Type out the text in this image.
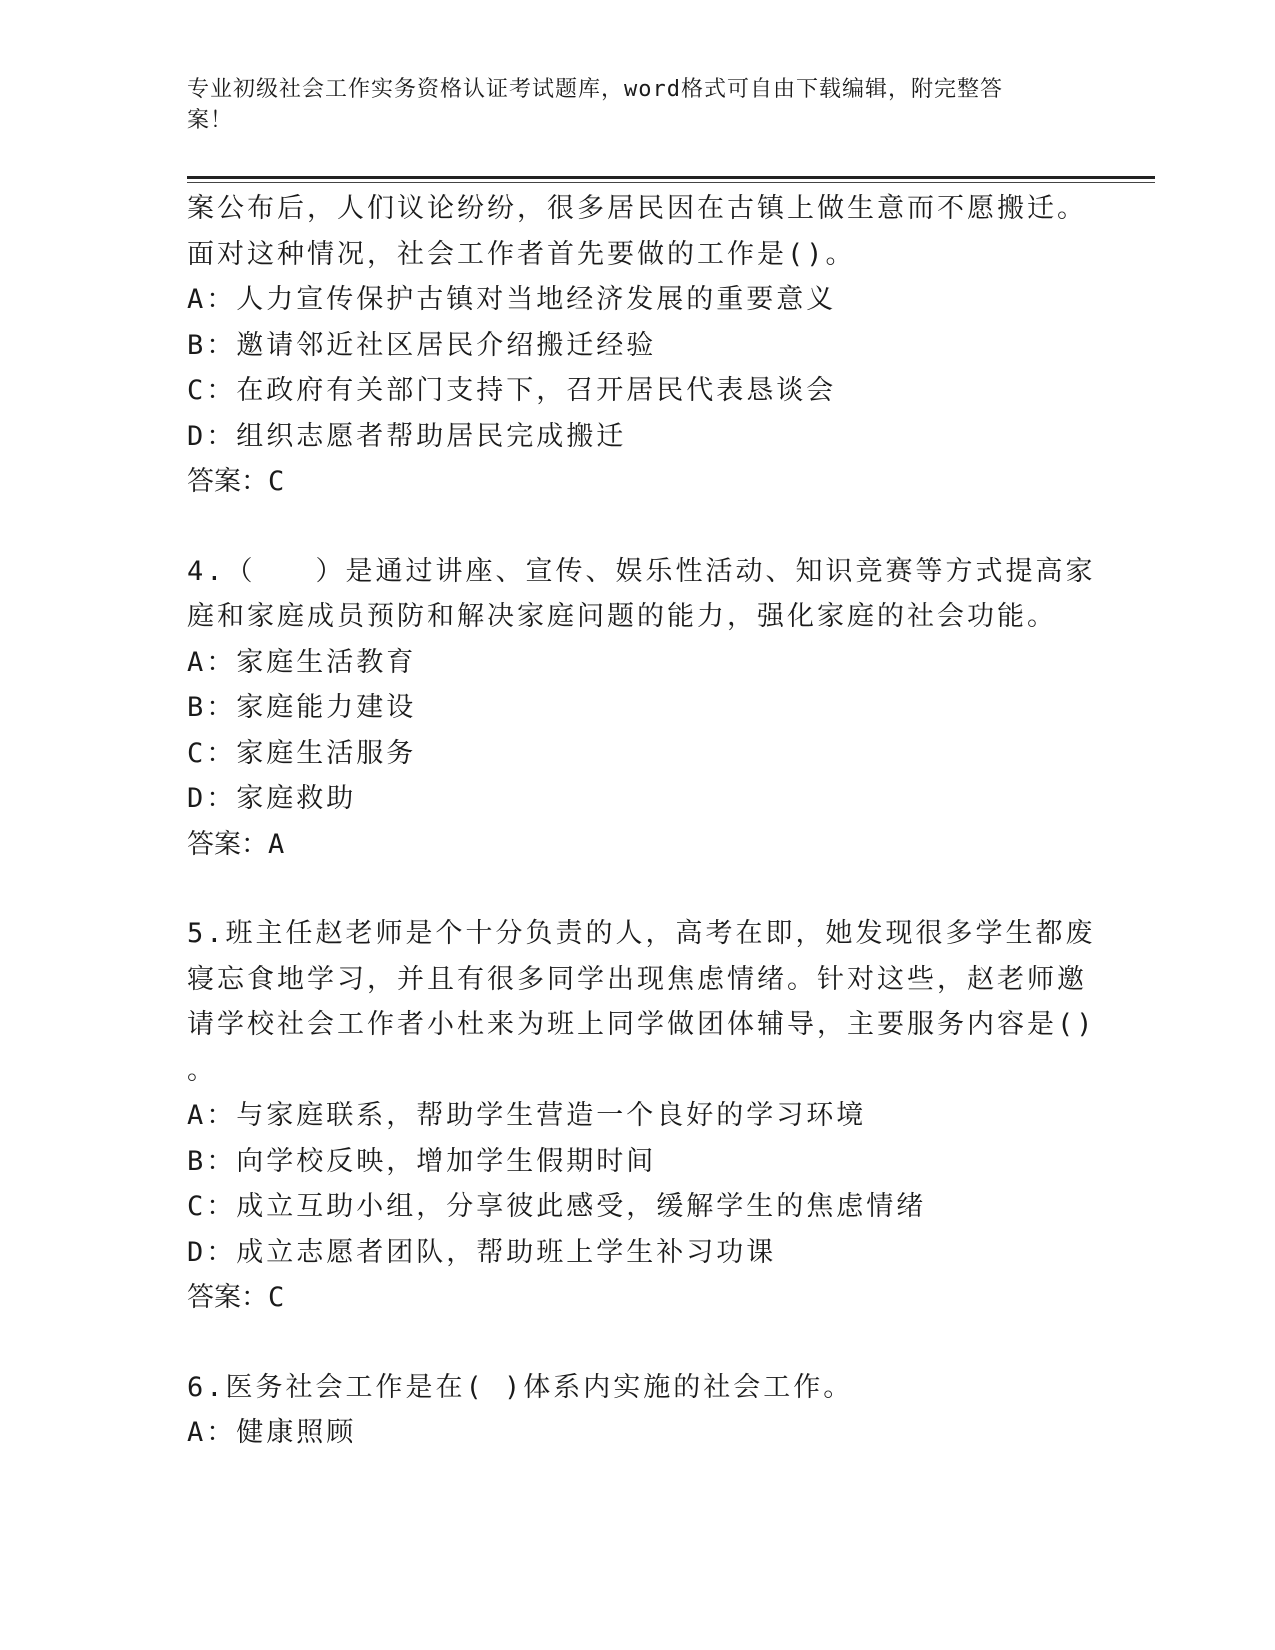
专业初级社会工作实务资格认证考试题库，word格式可自由下载编辑，附完整答
案！
案公布后，人们议论纷纷，很多居民因在古镇上做生意而不愿搬迁。
面对这种情况，社会工作者首先要做的工作是()。
A：人力宣传保护古镇对当地经济发展的重要意义
B：邀请邻近社区居民介绍搬迁经验
C：在政府有关部门支持下，召开居民代表恳谈会
D：组织志愿者帮助居民完成搬迁
答案：C
4.（　　）是通过讲座、宣传、娱乐性活动、知识竞赛等方式提高家
庭和家庭成员预防和解决家庭问题的能力，强化家庭的社会功能。
A：家庭生活教育
B：家庭能力建设
C：家庭生活服务
D：家庭救助
答案：A
5.班主任赵老师是个十分负责的人，高考在即，她发现很多学生都废
寝忘食地学习，并且有很多同学出现焦虑情绪。针对这些，赵老师邀
请学校社会工作者小杜来为班上同学做团体辅导，主要服务内容是()
。
A：与家庭联系，帮助学生营造一个良好的学习环境
B：向学校反映，增加学生假期时间
C：成立互助小组，分享彼此感受，缓解学生的焦虑情绪
D：成立志愿者团队，帮助班上学生补习功课
答案：C
6.医务社会工作是在( )体系内实施的社会工作。
A：健康照顾
